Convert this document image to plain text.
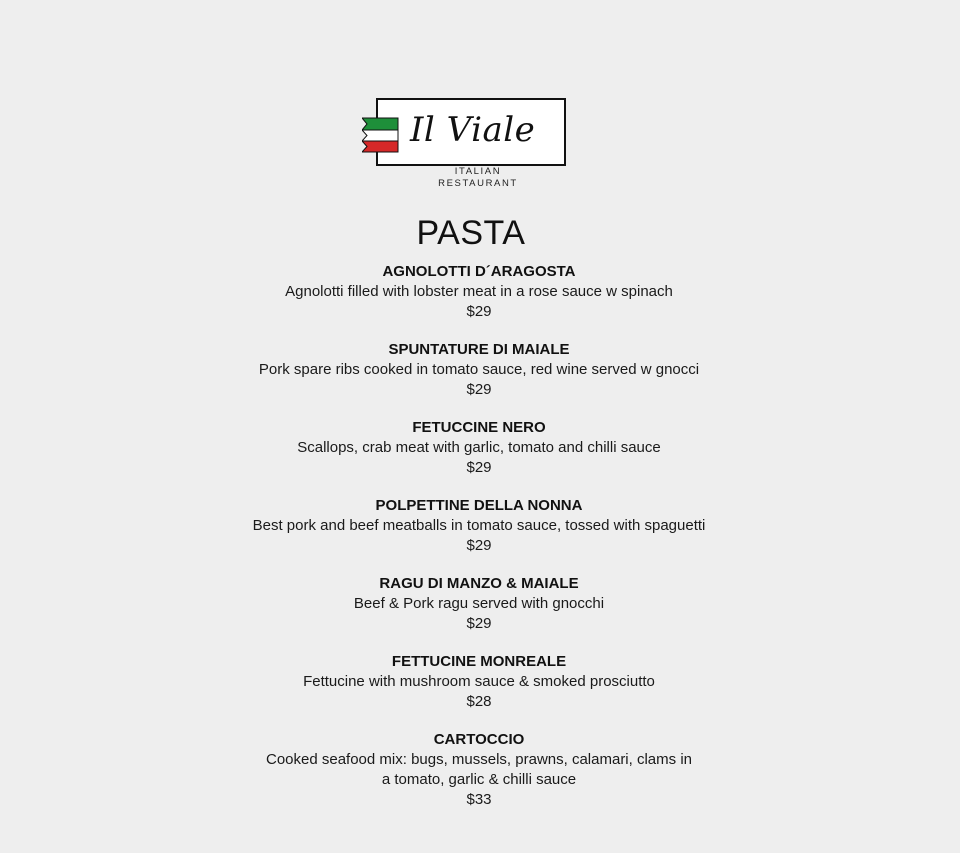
Il Viale
ITALIAN
RESTAURANT
PASTA
AGNOLOTTI D´ARAGOSTA
Agnolotti filled with lobster meat in a rose sauce w spinach
$29
SPUNTATURE DI MAIALE
Pork spare ribs cooked in tomato sauce, red wine served w gnocci
$29
FETUCCINE NERO
Scallops, crab meat with garlic, tomato and chilli sauce
$29
POLPETTINE DELLA NONNA
Best pork and beef meatballs in tomato sauce, tossed with spaguetti
$29
RAGU DI MANZO & MAIALE
Beef & Pork ragu served with gnocchi
$29
FETTUCINE MONREALE
Fettucine with mushroom sauce & smoked prosciutto
$28
CARTOCCIO
Cooked seafood mix: bugs, mussels, prawns, calamari, clams in
a tomato, garlic & chilli sauce
$33
